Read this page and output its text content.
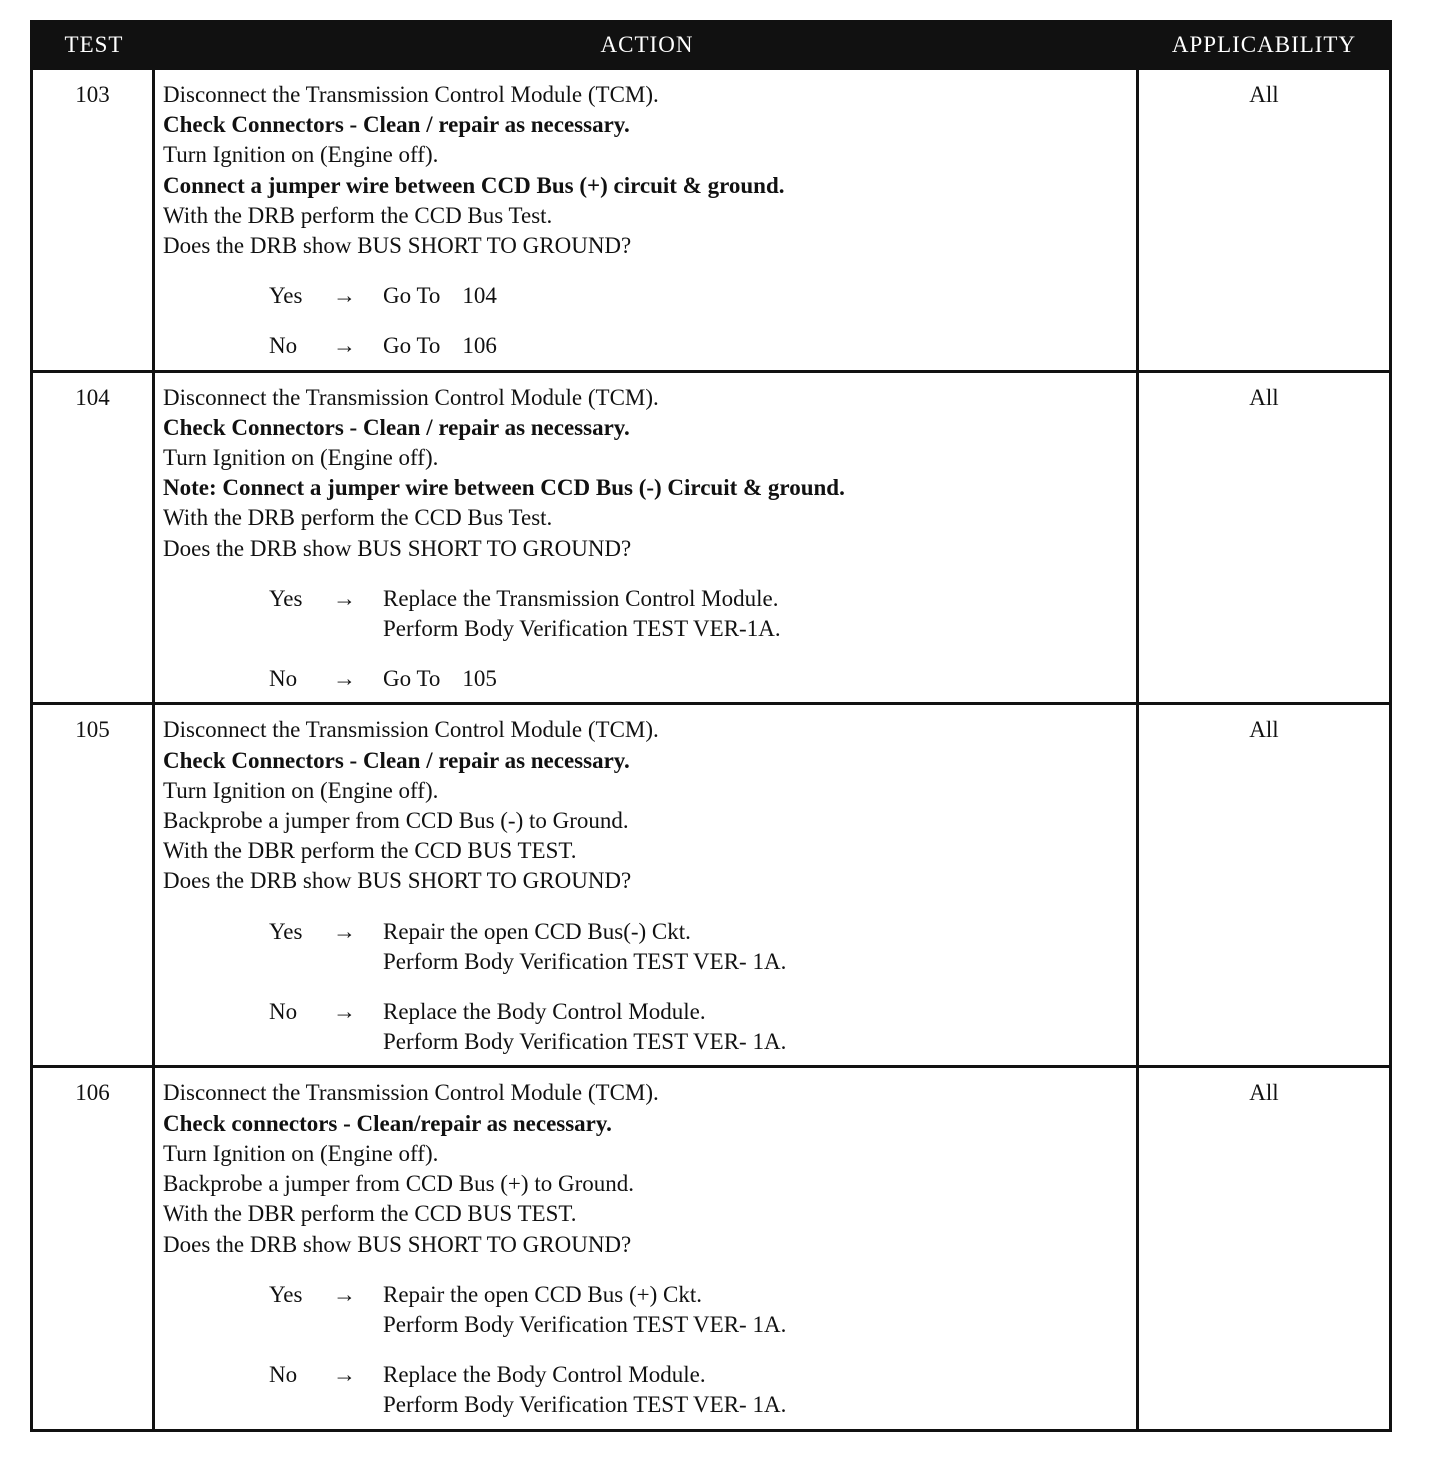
TEST	ACTION	APPLICABILITY
103	Disconnect the Transmission Control Module (TCM).
Check Connectors - Clean / repair as necessary.
Turn Ignition on (Engine off).
Connect a jumper wire between CCD Bus (+) circuit & ground.
With the DRB perform the CCD Bus Test.
Does the DRB show BUS SHORT TO GROUND?
Yes	→	Go To 104
No	→	Go To 106
All
104	Disconnect the Transmission Control Module (TCM).
Check Connectors - Clean / repair as necessary.
Turn Ignition on (Engine off).
Note: Connect a jumper wire between CCD Bus (-) Circuit & ground.
With the DRB perform the CCD Bus Test.
Does the DRB show BUS SHORT TO GROUND?
Yes	→	Replace the Transmission Control Module.
Perform Body Verification TEST VER-1A.
No	→	Go To 105
All
105	Disconnect the Transmission Control Module (TCM).
Check Connectors - Clean / repair as necessary.
Turn Ignition on (Engine off).
Backprobe a jumper from CCD Bus (-) to Ground.
With the DBR perform the CCD BUS TEST.
Does the DRB show BUS SHORT TO GROUND?
Yes	→	Repair the open CCD Bus(-) Ckt.
Perform Body Verification TEST VER- 1A.
No	→	Replace the Body Control Module.
Perform Body Verification TEST VER- 1A.
All
106	Disconnect the Transmission Control Module (TCM).
Check connectors - Clean/repair as necessary.
Turn Ignition on (Engine off).
Backprobe a jumper from CCD Bus (+) to Ground.
With the DBR perform the CCD BUS TEST.
Does the DRB show BUS SHORT TO GROUND?
Yes	→	Repair the open CCD Bus (+) Ckt.
Perform Body Verification TEST VER- 1A.
No	→	Replace the Body Control Module.
Perform Body Verification TEST VER- 1A.
All
